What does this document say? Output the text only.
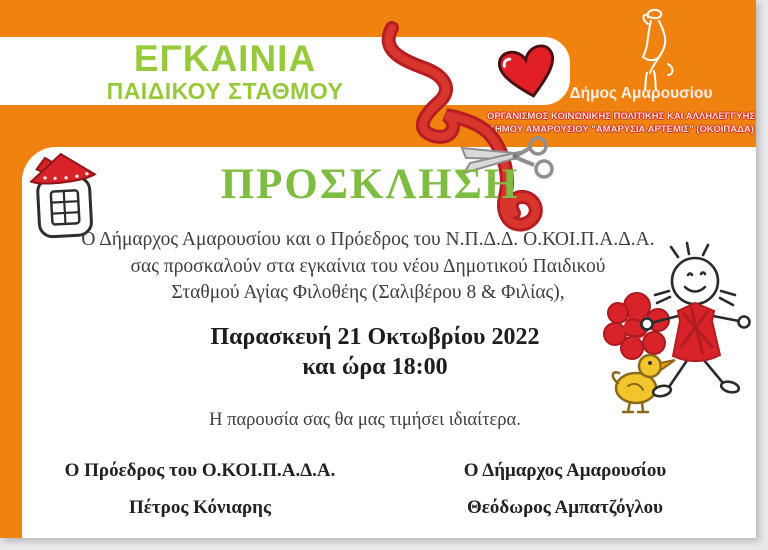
ΕΓΚΑΙΝΙΑ
ΠΑΙΔΙΚΟΥ ΣΤΑΘΜΟΥ	Δήμος Αμαρουσίου
ΟΡΓΑΝΙΣΜΟΣ ΚΟΙΝΩΝΙΚΗΣ ΠΟΛΙΤΙΚΗΣ ΚΑΙ ΑΛΛΗΛΕΓΓΥΗΣ
ΔΗΜΟΥ ΑΜΑΡΟΥΣΙΟΥ "ΑΜΑΡΥΣΙΑ ΑΡΤΕΜΙΣ" (ΟΚΟΙΠΑΔΑ)
ΠΡΟΣΚΛΗΣΗ
Ο Δήμαρχος Αμαρουσίου και ο Πρόεδρος του Ν.Π.Δ.Δ. Ο.ΚΟΙ.Π.Α.Δ.Α.
σας προσκαλούν στα εγκαίνια του νέου Δημοτικού Παιδικού
Σταθμού Αγίας Φιλοθέης (Σαλιβέρου 8 & Φιλίας),
Παρασκευή 21 Οκτωβρίου 2022
και ώρα 18:00
Η παρουσία σας θα μας τιμήσει ιδιαίτερα.
Ο Πρόεδρος του Ο.ΚΟΙ.Π.Α.Δ.Α.	Ο Δήμαρχος Αμαρουσίου
Πέτρος Κόνιαρης	Θεόδωρος Αμπατζόγλου
